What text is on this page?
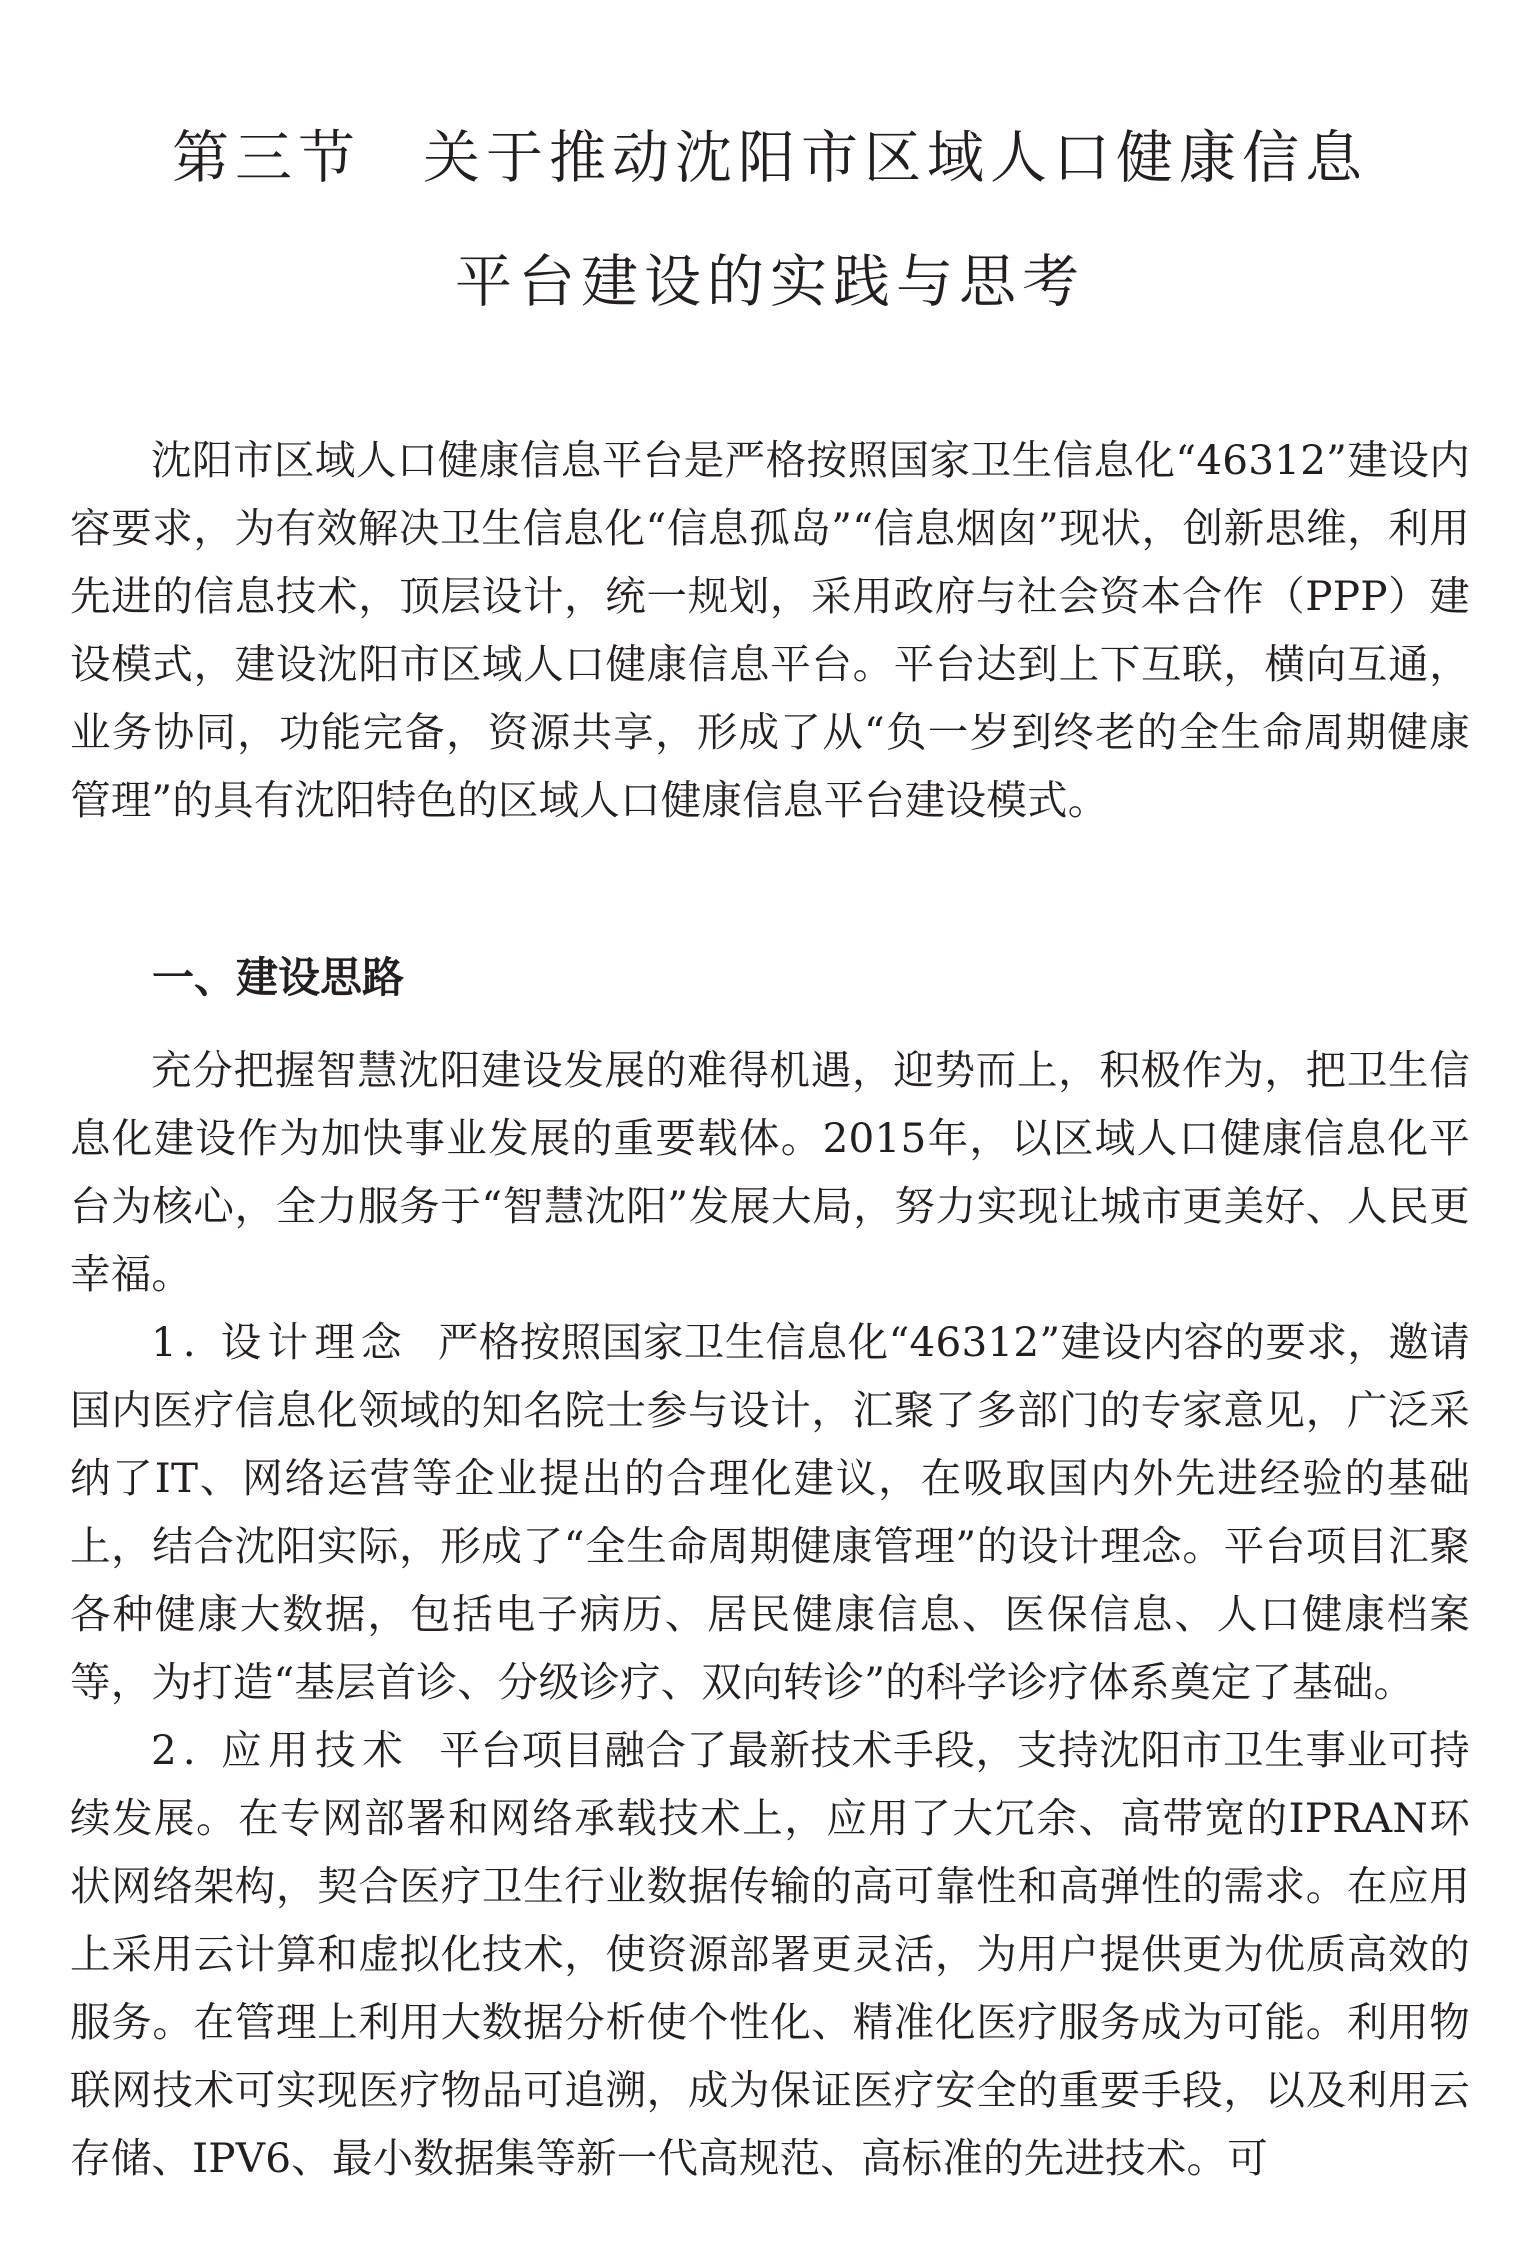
第三节 关于推动沈阳市区域人口健康信息
平台建设的实践与思考

沈阳市区域人口健康信息平台是严格按照国家卫生信息化“46312”建设内容要求，为有效解决卫生信息化“信息孤岛”“信息烟囱”现状，创新思维，利用先进的信息技术，顶层设计，统一规划，采用政府与社会资本合作（PPP）建设模式，建设沈阳市区域人口健康信息平台。平台达到上下互联，横向互通，业务协同，功能完备，资源共享，形成了从“负一岁到终老的全生命周期健康管理”的具有沈阳特色的区域人口健康信息平台建设模式。

一、建设思路

充分把握智慧沈阳建设发展的难得机遇，迎势而上，积极作为，把卫生信息化建设作为加快事业发展的重要载体。2015年，以区域人口健康信息化平台为核心，全力服务于“智慧沈阳”发展大局，努力实现让城市更美好、人民更幸福。

1. 设计理念 严格按照国家卫生信息化“46312”建设内容的要求，邀请国内医疗信息化领域的知名院士参与设计，汇聚了多部门的专家意见，广泛采纳了IT、网络运营等企业提出的合理化建议，在吸取国内外先进经验的基础上，结合沈阳实际，形成了“全生命周期健康管理”的设计理念。平台项目汇聚各种健康大数据，包括电子病历、居民健康信息、医保信息、人口健康档案等，为打造“基层首诊、分级诊疗、双向转诊”的科学诊疗体系奠定了基础。

2. 应用技术 平台项目融合了最新技术手段，支持沈阳市卫生事业可持续发展。在专网部署和网络承载技术上，应用了大冗余、高带宽的IPRAN环状网络架构，契合医疗卫生行业数据传输的高可靠性和高弹性的需求。在应用上采用云计算和虚拟化技术，使资源部署更灵活，为用户提供更为优质高效的服务。在管理上利用大数据分析使个性化、精准化医疗服务成为可能。利用物联网技术可实现医疗物品可追溯，成为保证医疗安全的重要手段，以及利用云存储、IPV6、最小数据集等新一代高规范、高标准的先进技术。可
